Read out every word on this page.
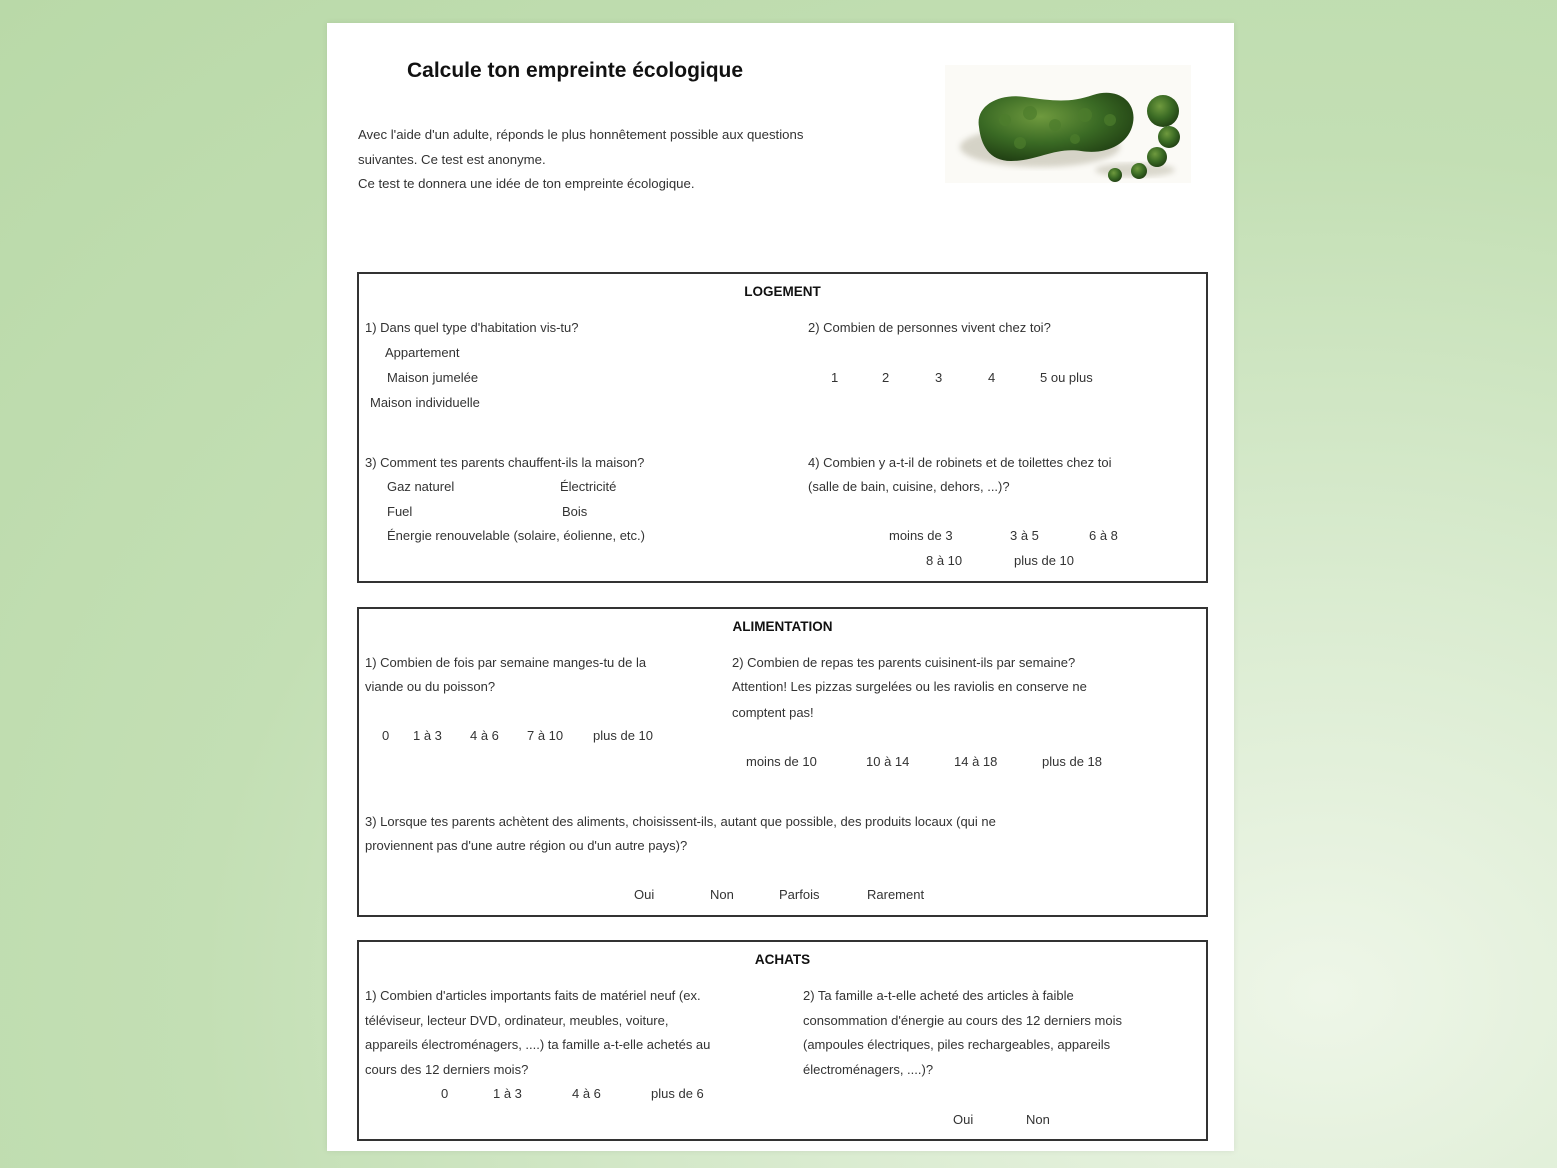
Calcule ton empreinte écologique

Avec l'aide d'un adulte, réponds le plus honnêtement possible aux questions

suivantes. Ce test est anonyme.

Ce test te donnera une idée de ton empreinte écologique.

LOGEMENT
1) Dans quel type d'habitation vis-tu?
Appartement
Maison jumelée
Maison individuelle
2) Combien de personnes vivent chez toi?
1	2	3	4	5 ou plus
3) Comment tes parents chauffent-ils la maison?
Gaz naturel	Électricité
Fuel	Bois
Énergie renouvelable (solaire, éolienne, etc.)
4) Combien y a-t-il de robinets et de toilettes chez toi
(salle de bain, cuisine, dehors, ...)?
moins de 3	3 à 5	6 à 8
8 à 10	plus de 10
ALIMENTATION
1) Combien de fois par semaine manges-tu de la
viande ou du poisson?
0 1 à 3 4 à 6 7 à 10 plus de 10
2) Combien de repas tes parents cuisinent-ils par semaine?
Attention! Les pizzas surgelées ou les raviolis en conserve ne
comptent pas!
moins de 10	10 à 14	14 à 18	plus de 18
3) Lorsque tes parents achètent des aliments, choisissent-ils, autant que possible, des produits locaux (qui ne
proviennent pas d'une autre région ou d'un autre pays)?
Oui	Non	Parfois	Rarement
ACHATS
1) Combien d'articles importants faits de matériel neuf (ex.
téléviseur, lecteur DVD, ordinateur, meubles, voiture,
appareils électroménagers, ....) ta famille a-t-elle achetés au
cours des 12 derniers mois?
0	1 à 3	4 à 6	plus de 6
2) Ta famille a-t-elle acheté des articles à faible
consommation d'énergie au cours des 12 derniers mois
(ampoules électriques, piles rechargeables, appareils
électroménagers, ....)?
Oui	Non
